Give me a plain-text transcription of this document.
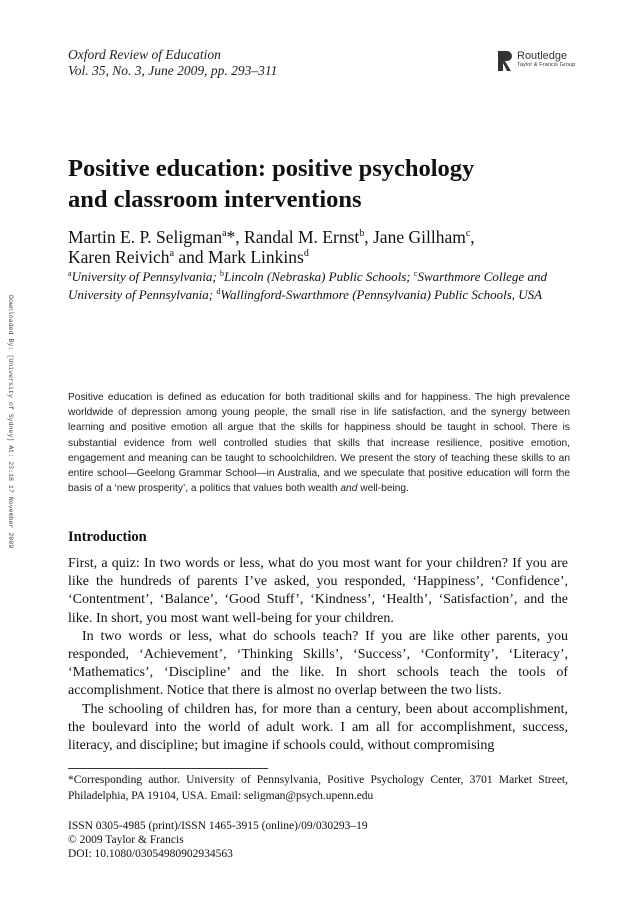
Oxford Review of Education
Vol. 35, No. 3, June 2009, pp. 293–311
Routledge
Taylor & Francis Group
Positive education: positive psychology
and classroom interventions
Martin E. P. Seligman$^a$*, Randal M. Ernst$^b$, Jane Gillham$^c$,
Karen Reivich$^a$ and Mark Linkins$^d$
$^a$University of Pennsylvania; $^b$Lincoln (Nebraska) Public Schools; $^c$Swarthmore College and University of Pennsylvania; $^d$Wallingford-Swarthmore (Pennsylvania) Public Schools, USA
Downloaded By: [University of Sydney] At: 23:18 17 November 2009	Positive education is defined as education for both traditional skills and for happiness. The high prevalence worldwide of depression among young people, the small rise in life satisfaction, and the synergy between learning and positive emotion all argue that the skills for happiness should be taught in school. There is substantial evidence from well controlled studies that skills that increase resilience, positive emotion, engagement and meaning can be taught to schoolchildren. We present the story of teaching these skills to an entire school—Geelong Grammar School—in Australia, and we speculate that positive education will form the basis of a ‘new prosperity’, a politics that values both wealth and well-being.
Introduction

First, a quiz: In two words or less, what do you most want for your children? If you are like the hundreds of parents I’ve asked, you responded, ‘Happiness’, ‘Confidence’, ‘Contentment’, ‘Balance’, ‘Good Stuff’, ‘Kindness’, ‘Health’, ‘Satisfaction’, and the like. In short, you most want well-being for your children.

In two words or less, what do schools teach? If you are like other parents, you responded, ‘Achievement’, ‘Thinking Skills’, ‘Success’, ‘Conformity’, ‘Literacy’, ‘Mathematics’, ‘Discipline’ and the like. In short schools teach the tools of accomplishment. Notice that there is almost no overlap between the two lists.

The schooling of children has, for more than a century, been about accomplishment, the boulevard into the world of adult work. I am all for accomplishment, success, literacy, and discipline; but imagine if schools could, without compromising

*Corresponding author. University of Pennsylvania, Positive Psychology Center, 3701 Market Street, Philadelphia, PA 19104, USA. Email: seligman@psych.upenn.edu
ISSN 0305-4985 (print)/ISSN 1465-3915 (online)/09/030293–19
© 2009 Taylor & Francis
DOI: 10.1080/03054980902934563
